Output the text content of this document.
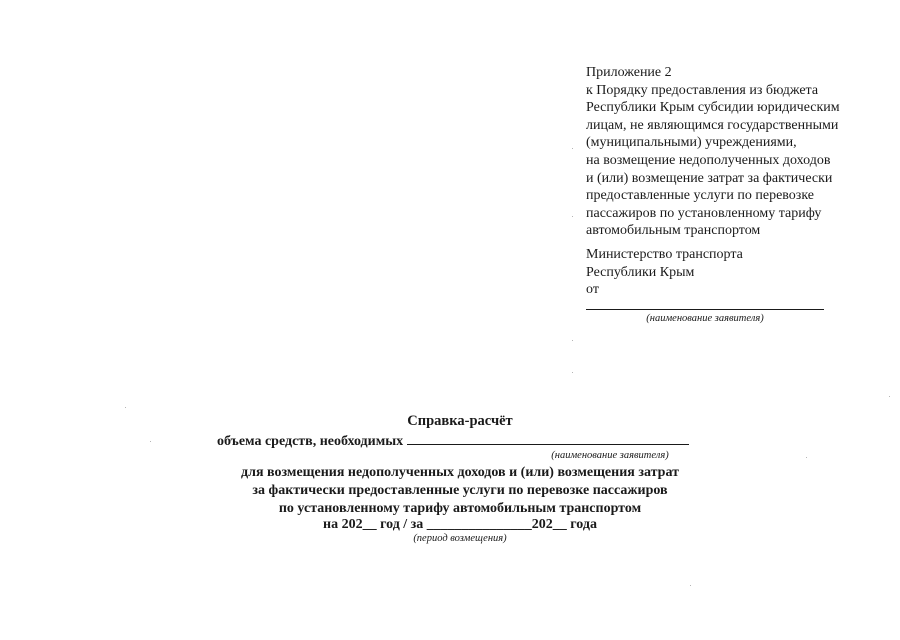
Приложение 2
к Порядку предоставления из бюджета
Республики Крым субсидии юридическим
лицам, не являющимся государственными
(муниципальными) учреждениями,
на возмещение недополученных доходов
и (или) возмещение затрат за фактически
предоставленные услуги по перевозке
пассажиров по установленному тарифу
автомобильным транспортом
Министерство транспорта
Республики Крым
от
(наименование заявителя)
Справка-расчёт
объема средств, необходимых
(наименование заявителя)
для возмещения недополученных доходов и (или) возмещения затрат
за фактически предоставленные услуги по перевозке пассажиров
по установленному тарифу автомобильным транспортом
на 202__ год / за _______________202__ года
(период возмещения)
